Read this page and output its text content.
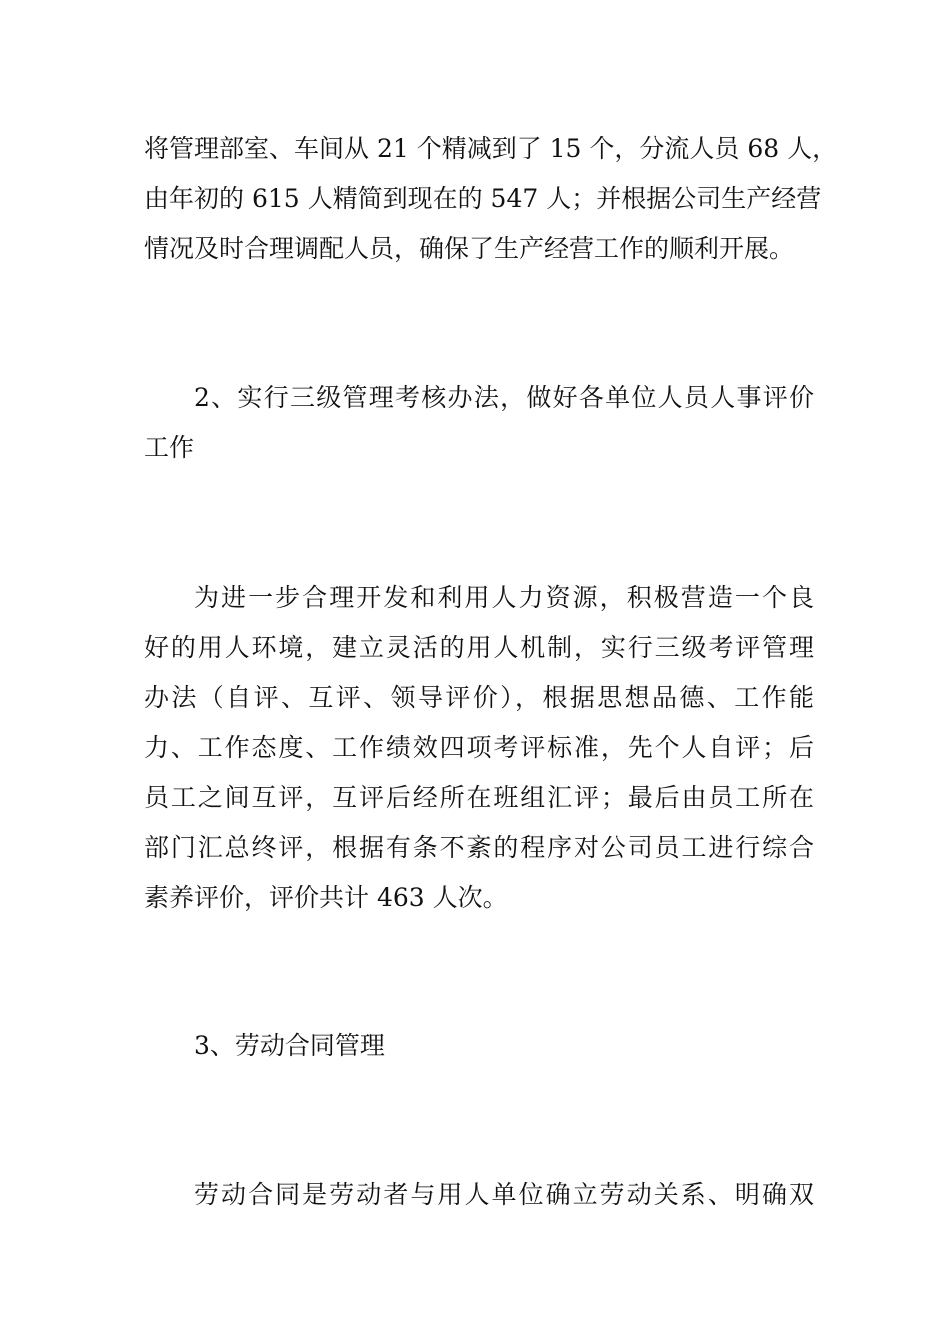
将管理部室、车间从 21 个精减到了 15 个，分流人员 68 人，
由年初的 615 人精简到现在的 547 人；并根据公司生产经营
情况及时合理调配人员，确保了生产经营工作的顺利开展。
2、实行三级管理考核办法，做好各单位人员人事评价
工作
为进一步合理开发和利用人力资源，积极营造一个良
好的用人环境，建立灵活的用人机制，实行三级考评管理
办法（自评、互评、领导评价），根据思想品德、工作能
力、工作态度、工作绩效四项考评标准，先个人自评；后
员工之间互评，互评后经所在班组汇评；最后由员工所在
部门汇总终评，根据有条不紊的程序对公司员工进行综合
素养评价，评价共计 463 人次。
3、劳动合同管理
劳动合同是劳动者与用人单位确立劳动关系、明确双
